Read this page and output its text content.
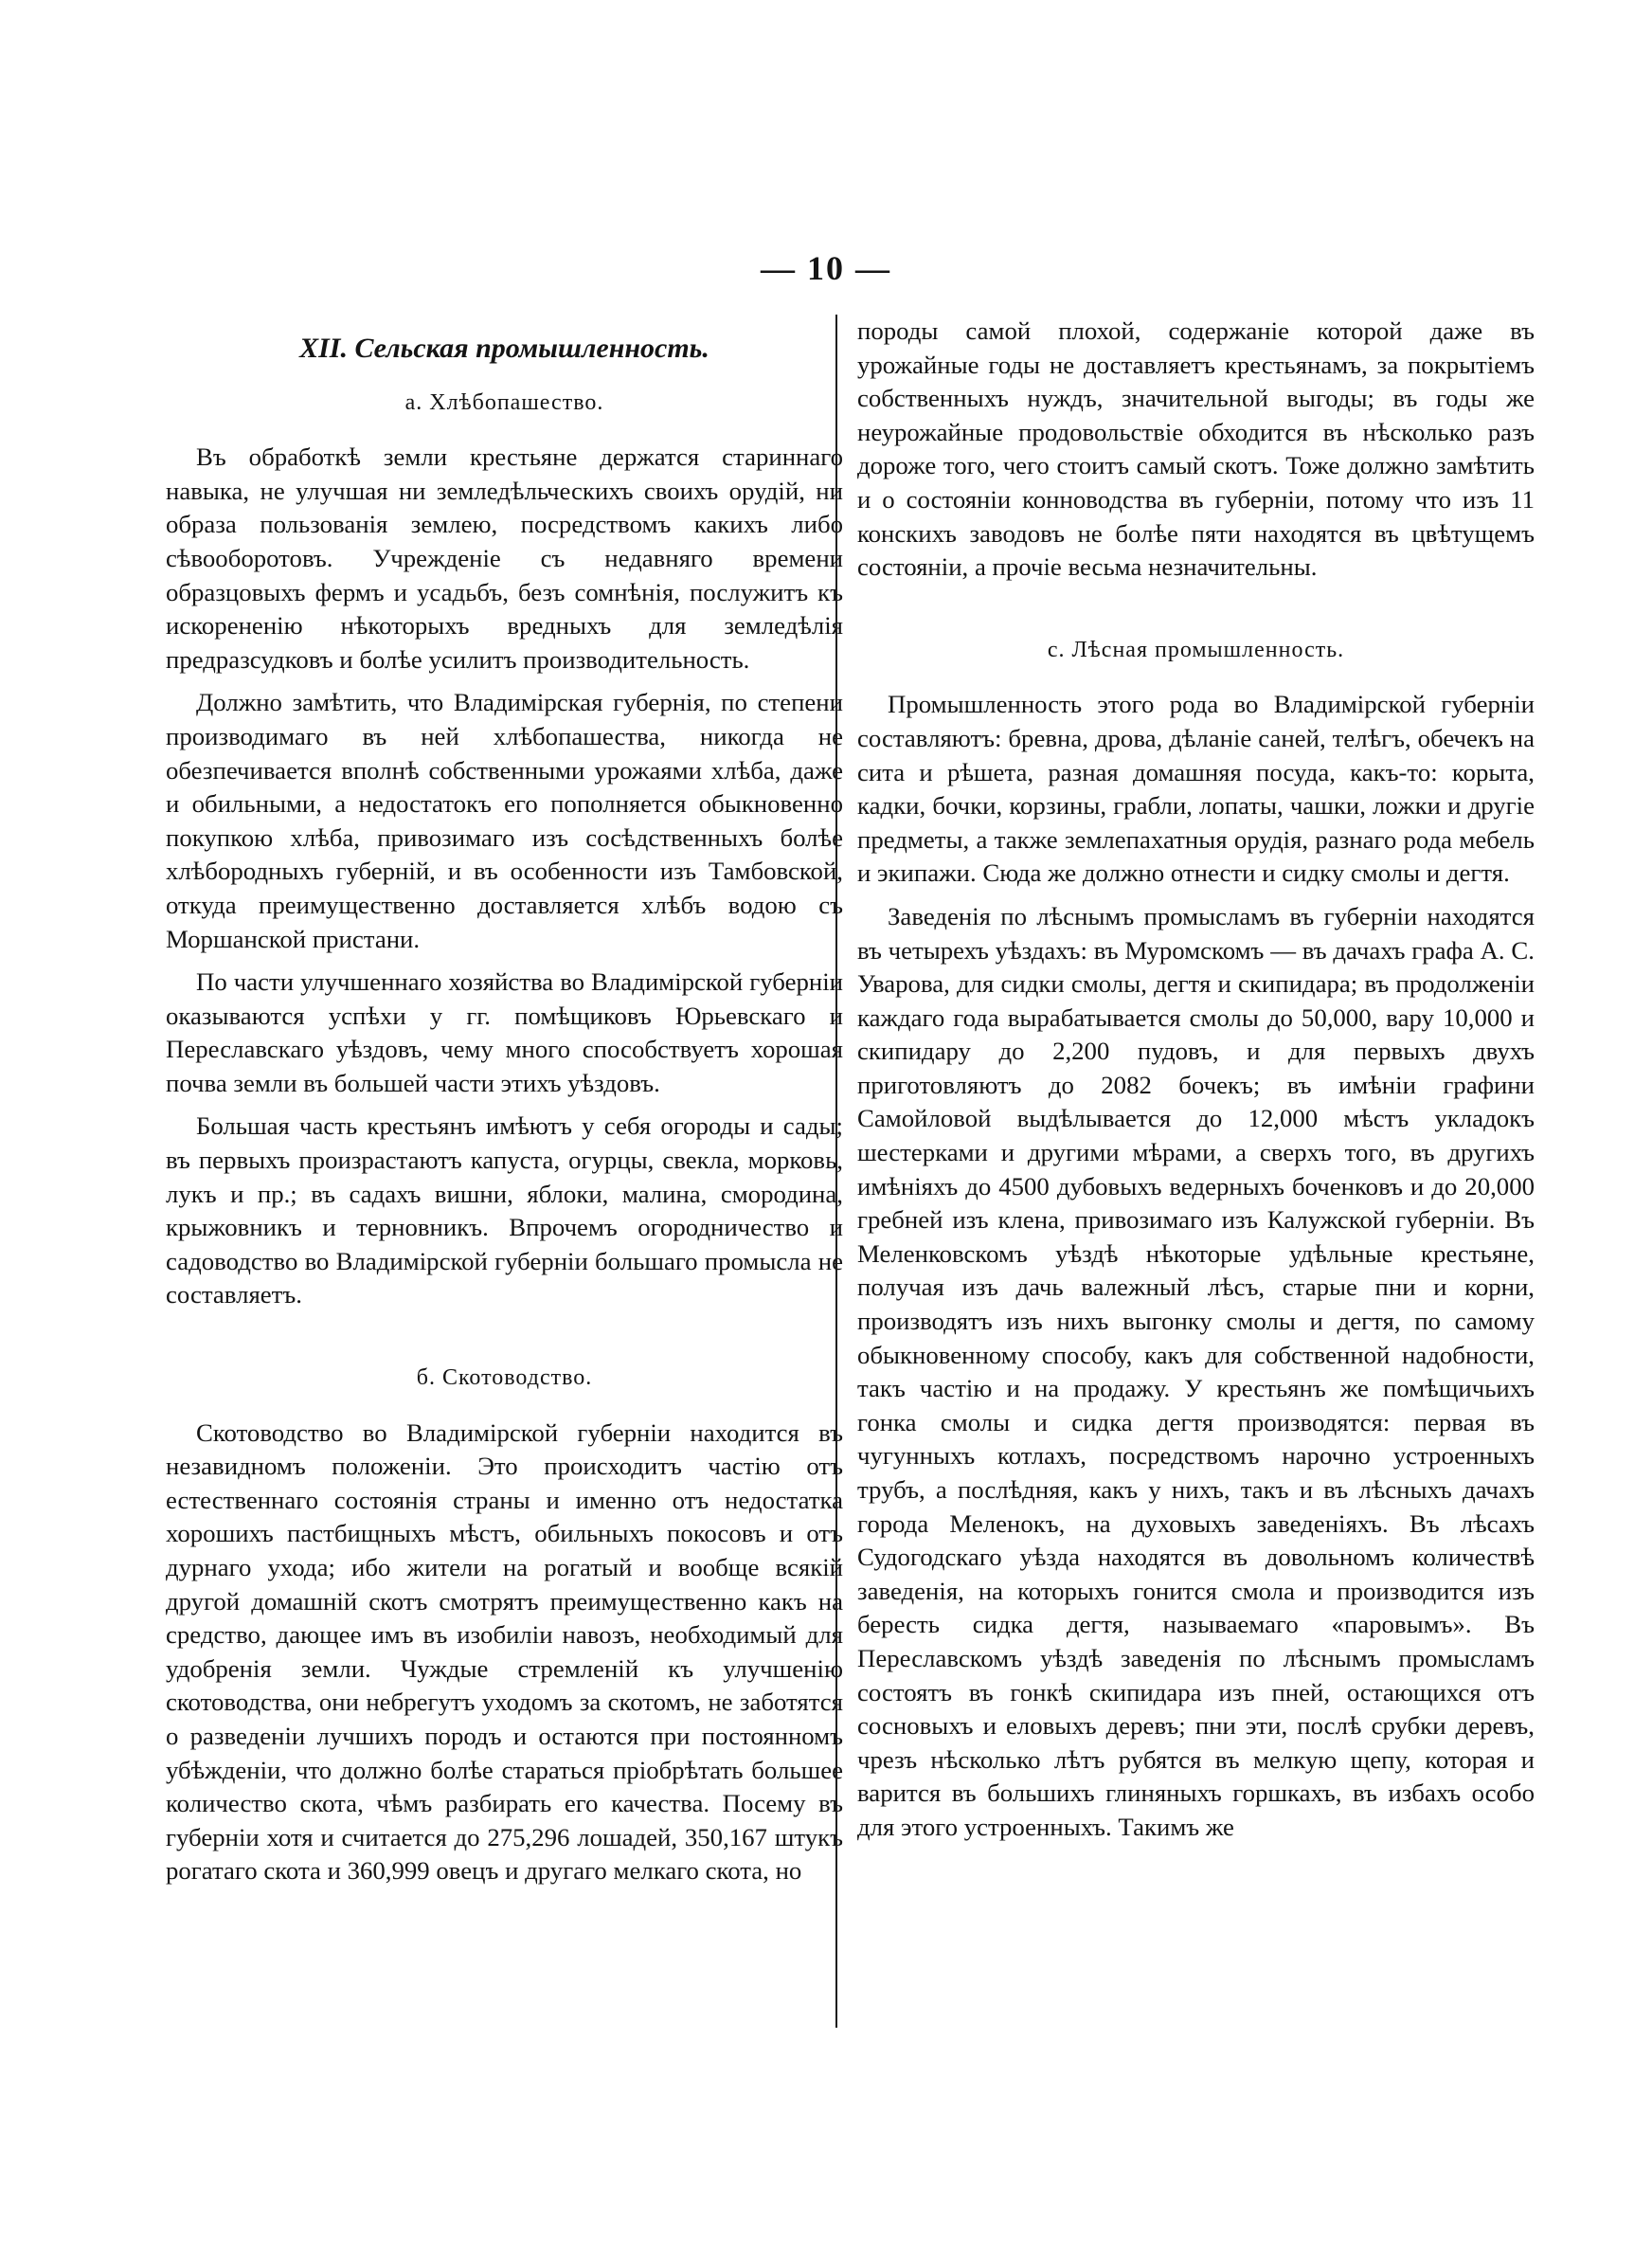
— 10 —
XII. Сельская промышленность.
а. Хлѣбопашество.

Въ обработкѣ земли крестьяне держатся стариннаго навыка, не улучшая ни земледѣльческихъ своихъ орудій, ни образа пользованія землею, посредствомъ какихъ либо сѣвооборотовъ. Учрежденіе съ недавняго времени образцовыхъ фермъ и усадьбъ, безъ сомнѣнія, послужитъ къ искорененію нѣкоторыхъ вредныхъ для земледѣлія предразсудковъ и болѣе усилитъ производительность.

Должно замѣтить, что Владимірская губернія, по степени производимаго въ ней хлѣбопашества, никогда не обезпечивается вполнѣ собственными урожаями хлѣба, даже и обильными, а недостатокъ его пополняется обыкновенно покупкою хлѣба, привозимаго изъ сосѣдственныхъ болѣе хлѣбородныхъ губерній, и въ особенности изъ Тамбовской, откуда преимущественно доставляется хлѣбъ водою съ Моршанской пристани.

По части улучшеннаго хозяйства во Владимірской губерніи оказываются успѣхи у гг. помѣщиковъ Юрьевскаго и Переславскаго уѣздовъ, чему много способствуетъ хорошая почва земли въ большей части этихъ уѣздовъ.

Большая часть крестьянъ имѣютъ у себя огороды и сады; въ первыхъ произрастаютъ капуста, огурцы, свекла, морковь, лукъ и пр.; въ садахъ вишни, яблоки, малина, смородина, крыжовникъ и терновникъ. Впрочемъ огородничество и садоводство во Владимірской губерніи большаго промысла не составляетъ.

б. Скотоводство.

Скотоводство во Владимірской губерніи находится въ незавидномъ положеніи. Это происходитъ частію отъ естественнаго состоянія страны и именно отъ недостатка хорошихъ пастбищныхъ мѣстъ, обильныхъ покосовъ и отъ дурнаго ухода; ибо жители на рогатый и вообще всякій другой домашній скотъ смотрятъ преимущественно какъ на средство, дающее имъ въ изобиліи навозъ, необходимый для удобренія земли. Чуждые стремленій къ улучшенію скотоводства, они небрегутъ уходомъ за скотомъ, не заботятся о разведеніи лучшихъ породъ и остаются при постоянномъ убѣжденіи, что должно болѣе стараться пріобрѣтать большее количество скота, чѣмъ разбирать его качества. Посему въ губерніи хотя и считается до 275,296 лошадей, 350,167 штукъ рогатаго скота и 360,999 овецъ и другаго мелкаго скота, но

породы самой плохой, содержаніе которой даже въ урожайные годы не доставляетъ крестьянамъ, за покрытіемъ собственныхъ нуждъ, значительной выгоды; въ годы же неурожайные продовольствіе обходится въ нѣсколько разъ дороже того, чего стоитъ самый скотъ. Тоже должно замѣтить и о состояніи конноводства въ губерніи, потому что изъ 11 конскихъ заводовъ не болѣе пяти находятся въ цвѣтущемъ состояніи, а прочіе весьма незначительны.

с. Лѣсная промышленность.

Промышленность этого рода во Владимірской губерніи составляютъ: бревна, дрова, дѣланіе саней, телѣгъ, обечекъ на сита и рѣшета, разная домашняя посуда, какъ-то: корыта, кадки, бочки, корзины, грабли, лопаты, чашки, ложки и другіе предметы, а также землепахатныя орудія, разнаго рода мебель и экипажи. Сюда же должно отнести и сидку смолы и дегтя.

Заведенія по лѣснымъ промысламъ въ губерніи находятся въ четырехъ уѣздахъ: въ Муромскомъ — въ дачахъ графа А. С. Уварова, для сидки смолы, дегтя и скипидара; въ продолженіи каждаго года вырабатывается смолы до 50,000, вару 10,000 и скипидару до 2,200 пудовъ, и для первыхъ двухъ приготовляютъ до 2082 бочекъ; въ имѣніи графини Самойловой выдѣлывается до 12,000 мѣстъ укладокъ шестерками и другими мѣрами, а сверхъ того, въ другихъ имѣніяхъ до 4500 дубовыхъ ведерныхъ боченковъ и до 20,000 гребней изъ клена, привозимаго изъ Калужской губерніи. Въ Меленковскомъ уѣздѣ нѣкоторые удѣльные крестьяне, получая изъ дачь валежный лѣсъ, старые пни и корни, производятъ изъ нихъ выгонку смолы и дегтя, по самому обыкновенному способу, какъ для собственной надобности, такъ частію и на продажу. У крестьянъ же помѣщичьихъ гонка смолы и сидка дегтя производятся: первая въ чугунныхъ котлахъ, посредствомъ нарочно устроенныхъ трубъ, а послѣдняя, какъ у нихъ, такъ и въ лѣсныхъ дачахъ города Меленокъ, на духовыхъ заведеніяхъ. Въ лѣсахъ Судогодскаго уѣзда находятся въ довольномъ количествѣ заведенія, на которыхъ гонится смола и производится изъ бересть сидка дегтя, называемаго «паровымъ». Въ Переславскомъ уѣздѣ заведенія по лѣснымъ промысламъ состоятъ въ гонкѣ скипидара изъ пней, остающихся отъ сосновыхъ и еловыхъ деревъ; пни эти, послѣ срубки деревъ, чрезъ нѣсколько лѣтъ рубятся въ мелкую щепу, которая и варится въ большихъ глиняныхъ горшкахъ, въ избахъ особо для этого устроенныхъ. Такимъ же
